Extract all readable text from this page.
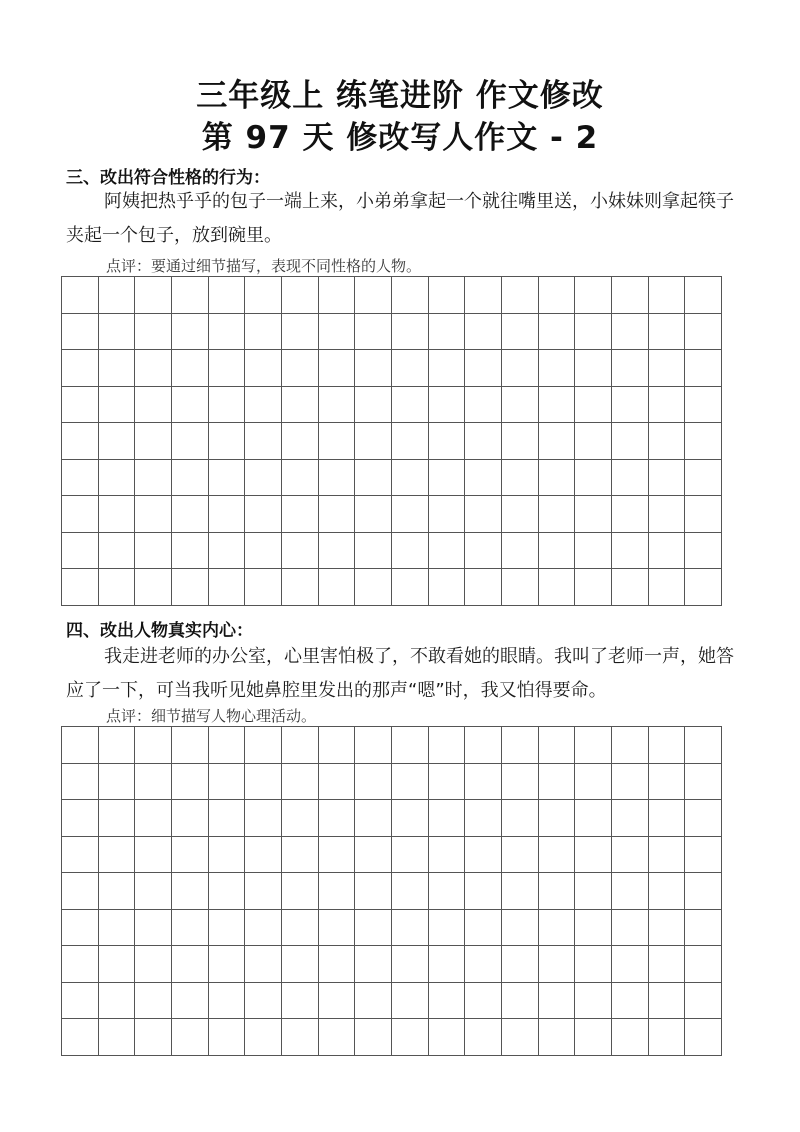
三年级上 练笔进阶 作文修改
第 97 天 修改写人作文 - 2
三、改出符合性格的行为：

阿姨把热乎乎的包子一端上来，小弟弟拿起一个就往嘴里送，小妹妹则拿起筷子夹起一个包子，放到碗里。

点评：要通过细节描写，表现不同性格的人物。

四、改出人物真实内心：

我走进老师的办公室，心里害怕极了，不敢看她的眼睛。我叫了老师一声，她答应了一下，可当我听见她鼻腔里发出的那声“嗯”时，我又怕得要命。

点评：细节描写人物心理活动。
